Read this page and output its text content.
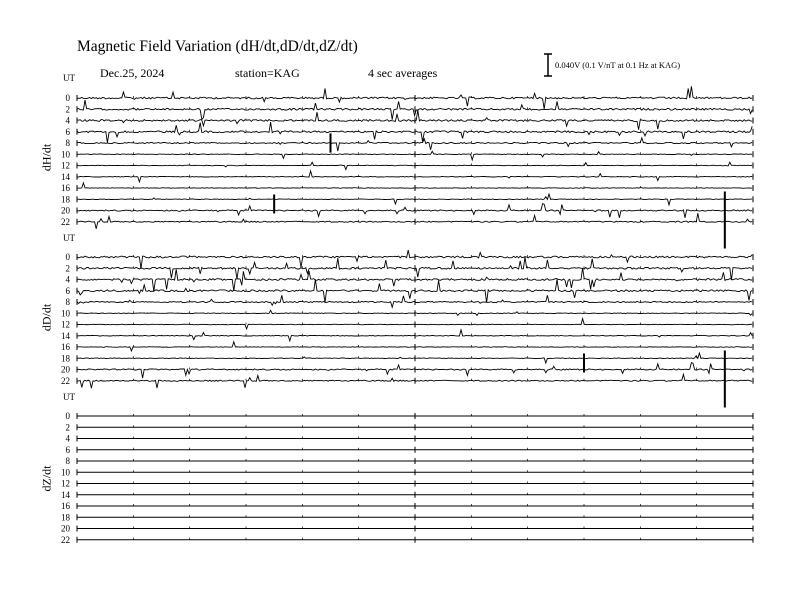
0
2
4
6
8
10
12
14
16
18
20
22
0
2
4
6
8
10
12
14
16
18
20
22
0
2
4
6
8
10
12
14
16
18
20
22
Magnetic Field Variation (dH/dt,dD/dt,dZ/dt)
Dec.25, 2024	station=KAG	4 sec averages
0.040V (0.1 V/nT at 0.1 Hz at KAG)
UT
UT
UT
dH/dt
dD/dt
dZ/dt
